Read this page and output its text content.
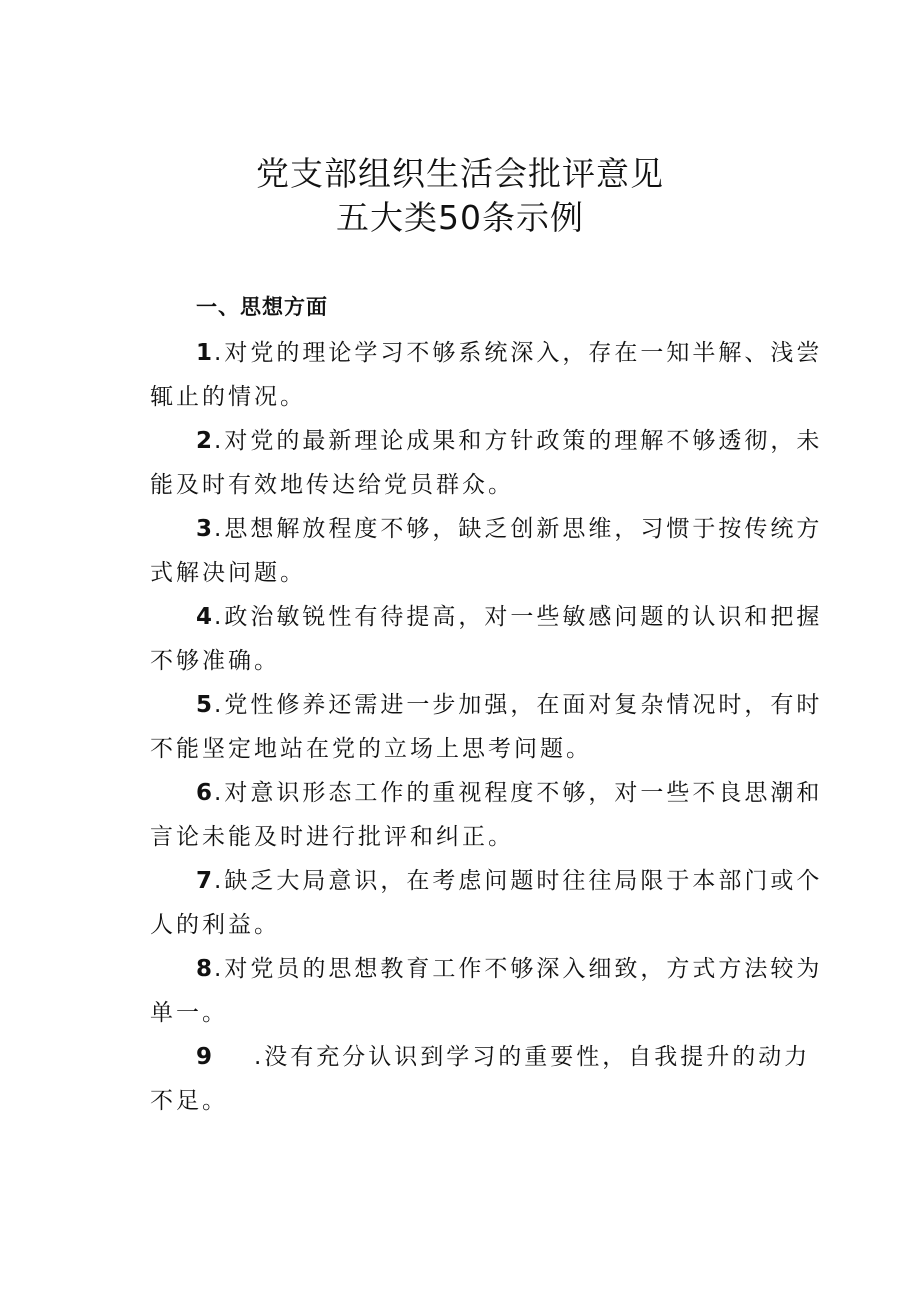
党支部组织生活会批评意见
五大类50条示例
一、思想方面
1.对党的理论学习不够系统深入，存在一知半解、浅尝
辄止的情况。
2.对党的最新理论成果和方针政策的理解不够透彻，未
能及时有效地传达给党员群众。
3.思想解放程度不够，缺乏创新思维，习惯于按传统方
式解决问题。
4.政治敏锐性有待提高，对一些敏感问题的认识和把握
不够准确。
5.党性修养还需进一步加强，在面对复杂情况时，有时
不能坚定地站在党的立场上思考问题。
6.对意识形态工作的重视程度不够，对一些不良思潮和
言论未能及时进行批评和纠正。
7.缺乏大局意识，在考虑问题时往往局限于本部门或个
人的利益。
8.对党员的思想教育工作不够深入细致，方式方法较为
单一。
9 .没有充分认识到学习的重要性，自我提升的动力
不足。
